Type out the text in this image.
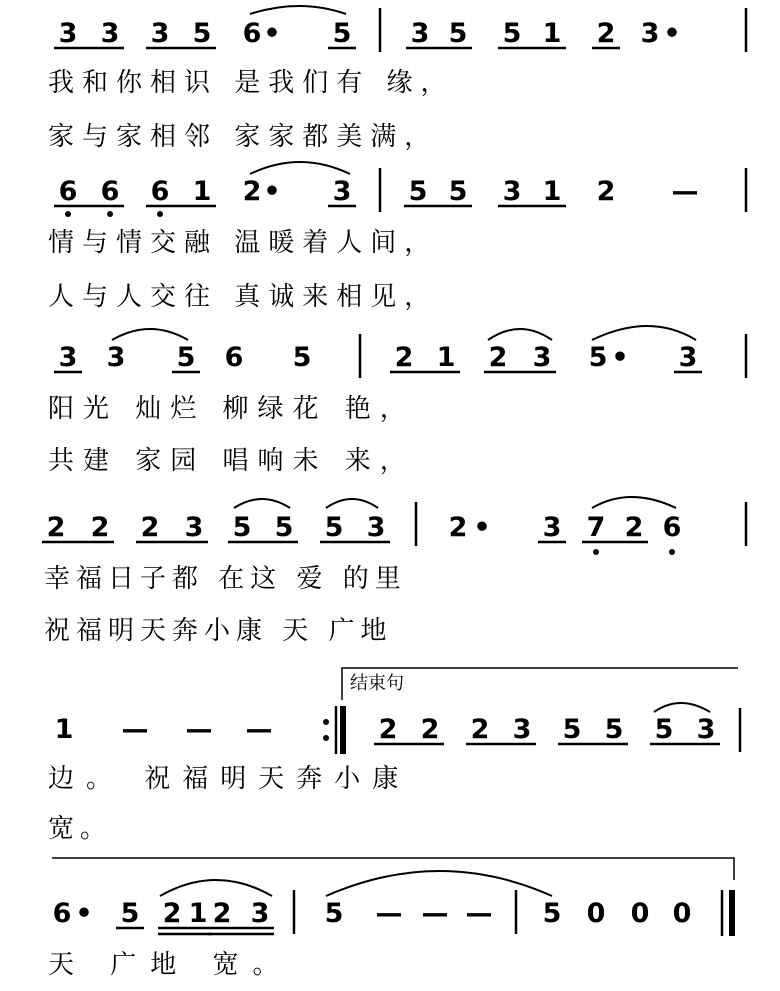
3 3 3 5 6 • 5 3 5 5 1 2 3 •
我和你相识 是我们有 缘，
家与家相邻 家家都美满，
6 6 6 1 2 • 3 5 5 3 1 2 —
情与情交融 温暖着人间，
人与人交往 真诚来相见，
3 3 5 6 5	2 1 2 3 5 • 3
阳光 灿烂 柳绿花 艳，
共建 家园 唱响未 来，
2 2 2 3 5 5 5 3 2 • 3 7 2 6
幸福日子都 在这 爱 的里
祝福明天奔小康 天 广地
结束句
1 — — —	2 2 2 3 5 5 5 3
边。 祝福明天奔小康
宽。
6 • 5 2 1 2 3 5 — — — 5 0 0 0
天 广地 宽。
